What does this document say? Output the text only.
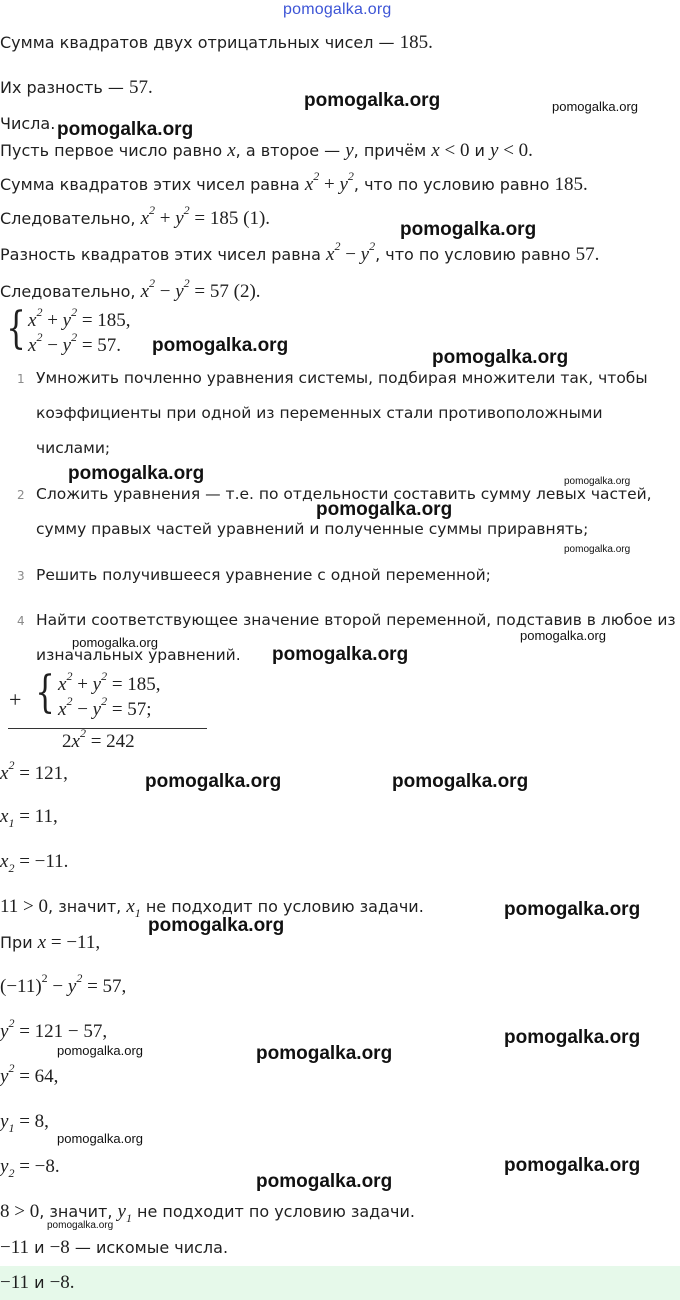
pomogalka.org
Сумма квадратов двух отрицатльных чисел — 185.
Их разность — 57.
Числа.
Пусть первое число равно x, а второе — y, причём x < 0 и y < 0.
Сумма квадратов этих чисел равна $x^2 + y^2$, что по условию равно 185.
Следовательно, $x^2 + y^2 = 185$ (1).
Разность квадратов этих чисел равна $x^2 - y^2$, что по условию равно 57.
Следовательно, $x^2 - y^2 = 57$ (2).
{ $x^2 + y^2 = 185$,
$x^2 - y^2 = 57$.
1 Умножить почленно уравнения системы, подбирая множители так, чтобы коэффициенты при одной из переменных стали противоположными числами;
2 Сложить уравнения — т.е. по отдельности составить сумму левых частей, сумму правых частей уравнений и полученные суммы приравнять;
3 Решить получившееся уравнение с одной переменной;
4 Найти соответствующее значение второй переменной, подставив в любое из изначальных уравнений.
+ { $x^2 + y^2 = 185$,
$x^2 - y^2 = 57$;
$2x^2 = 242$
$x^2 = 121$,
$x_1 = 11$,
$x_2 = -11$.
11 > 0, значит, $x_1$ не подходит по условию задачи.
При x = −11,
$(-11)^2 - y^2 = 57$,
$y^2 = 121 - 57$,
$y^2 = 64$,
$y_1 = 8$,
$y_2 = -8$.
8 > 0, значит, $y_1$ не подходит по условию задачи.
−11 и −8 — искомые числа.
−11 и −8.
pomogalka.org	pomogalka.org
pomogalka.org
pomogalka.org
pomogalka.org
pomogalka.org
pomogalka.org	pomogalka.org
pomogalka.org
pomogalka.org
pomogalka.org
pomogalka.org
pomogalka.org
pomogalka.org	pomogalka.org
pomogalka.org
pomogalka.org
pomogalka.org
pomogalka.org	pomogalka.org
pomogalka.org
pomogalka.org
pomogalka.org
pomogalka.org
